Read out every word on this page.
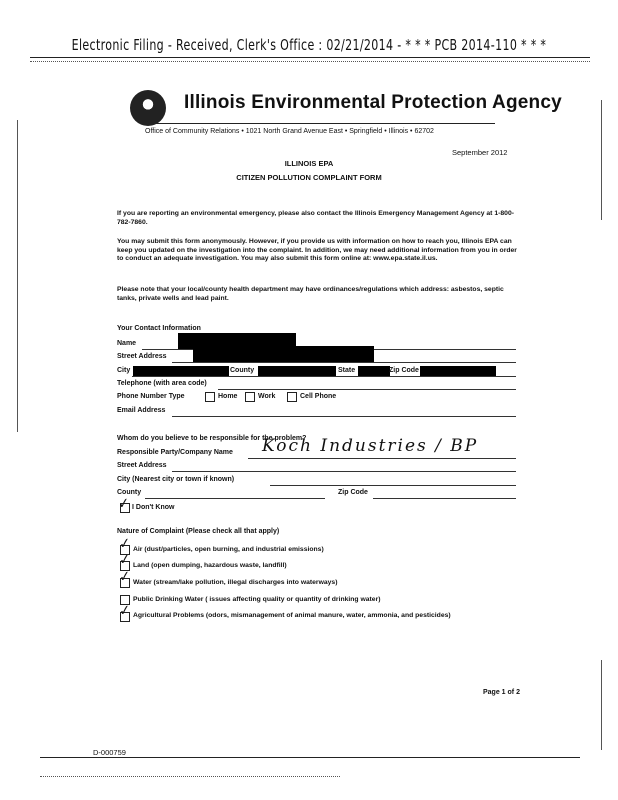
Electronic Filing - Received, Clerk's Office : 02/21/2014 - * * * PCB 2014-110 * * *
Illinois Environmental Protection Agency
Office of Community Relations • 1021 North Grand Avenue East • Springfield • Illinois • 62702
September 2012
ILLINOIS EPA
CITIZEN POLLUTION COMPLAINT FORM
If you are reporting an environmental emergency, please also contact the Illinois Emergency Management Agency at 1-800-782-7860.
You may submit this form anonymously. However, if you provide us with information on how to reach you, Illinois EPA can keep you updated on the investigation into the complaint. In addition, we may need additional information from you in order to conduct an adequate investigation. You may also submit this form online at: www.epa.state.il.us.
Please note that your local/county health department may have ordinances/regulations which address: asbestos, septic tanks, private wells and lead paint.
Your Contact Information
Name
Street Address
City	County	State	Zip Code
Telephone (with area code)
Phone Number Type	Home	Work	Cell Phone
Email Address
Whom do you believe to be responsible for the problem?
Responsible Party/Company Name Koch Industries / BP
Street Address
City (Nearest city or town if known)
County	Zip Code
✓ I Don't Know
Nature of Complaint (Please check all that apply)
✓ Air (dust/particles, open burning, and industrial emissions)
✓ Land (open dumping, hazardous waste, landfill)
✓ Water (stream/lake pollution, illegal discharges into waterways)
Public Drinking Water ( issues affecting quality or quantity of drinking water)
✓ Agricultural Problems (odors, mismanagement of animal manure, water, ammonia, and pesticides)
Page 1 of 2
D-000759
